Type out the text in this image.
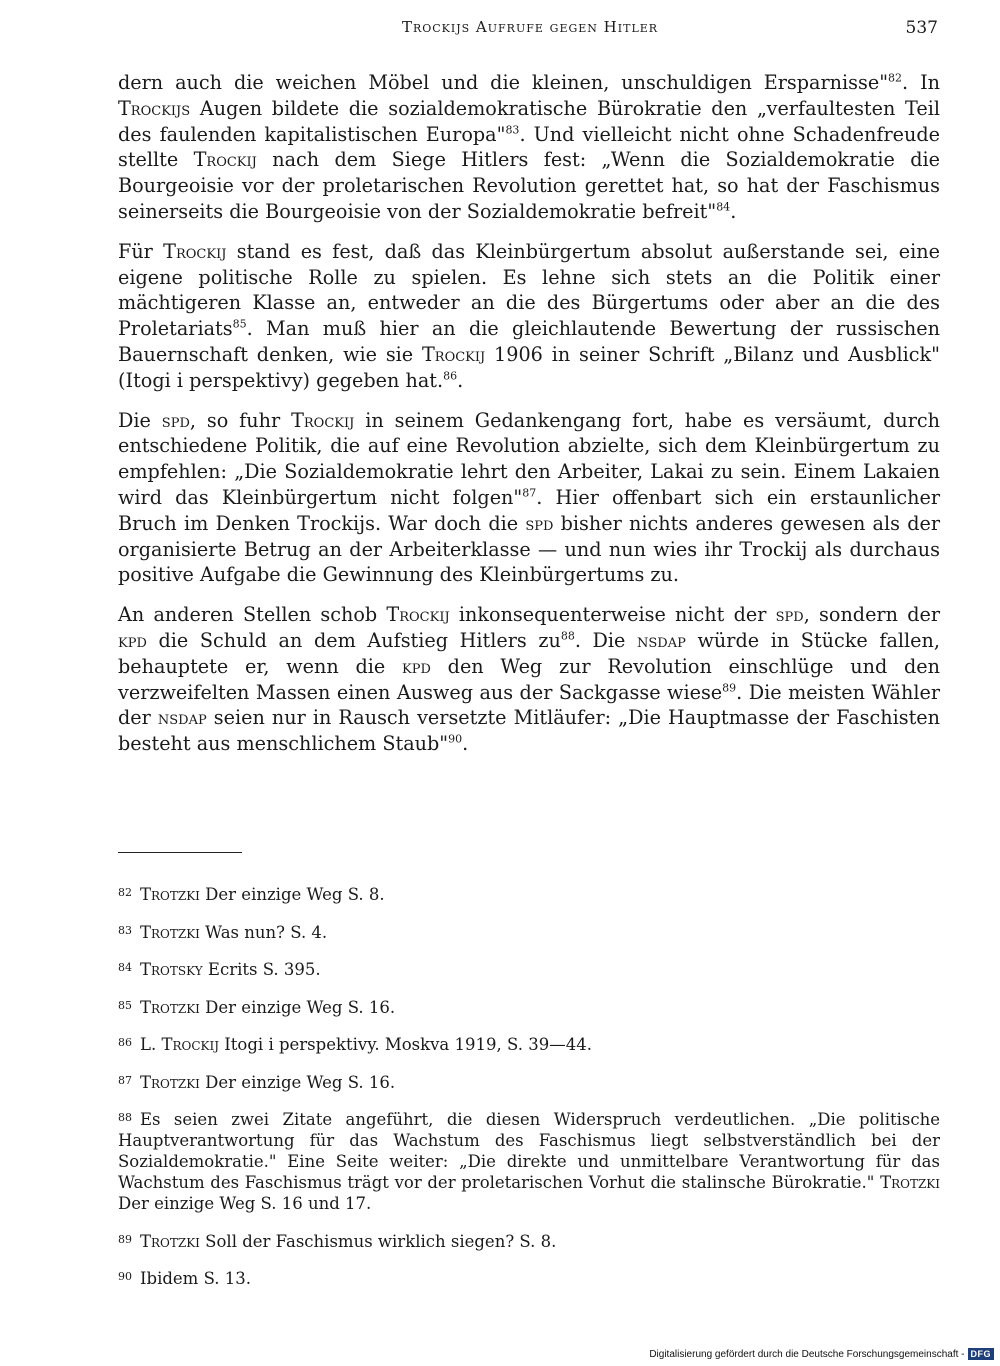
Trockijs Aufrufe gegen Hitler	537

dern auch die weichen Möbel und die kleinen, unschuldigen Ersparnisse"$^{82}$. In Trockijs Augen bildete die sozialdemokratische Bürokratie den „verfaultesten Teil des faulenden kapitalistischen Europa"$^{83}$. Und vielleicht nicht ohne Schadenfreude stellte Trockij nach dem Siege Hitlers fest: „Wenn die Sozialdemokratie die Bourgeoisie vor der proletarischen Revolution gerettet hat, so hat der Faschismus seinerseits die Bourgeoisie von der Sozialdemokratie befreit"$^{84}$.

Für Trockij stand es fest, daß das Kleinbürgertum absolut außerstande sei, eine eigene politische Rolle zu spielen. Es lehne sich stets an die Politik einer mächtigeren Klasse an, entweder an die des Bürgertums oder aber an die des Proletariats$^{85}$. Man muß hier an die gleichlautende Bewertung der russischen Bauernschaft denken, wie sie Trockij 1906 in seiner Schrift „Bilanz und Ausblick" (Itogi i perspektivy) gegeben hat.$^{86}$.

Die spd, so fuhr Trockij in seinem Gedankengang fort, habe es versäumt, durch entschiedene Politik, die auf eine Revolution abzielte, sich dem Kleinbürgertum zu empfehlen: „Die Sozialdemokratie lehrt den Arbeiter, Lakai zu sein. Einem Lakaien wird das Kleinbürgertum nicht folgen"$^{87}$. Hier offenbart sich ein erstaunlicher Bruch im Denken Trockijs. War doch die spd bisher nichts anderes gewesen als der organisierte Betrug an der Arbeiterklasse — und nun wies ihr Trockij als durchaus positive Aufgabe die Gewinnung des Kleinbürgertums zu.

An anderen Stellen schob Trockij inkonsequenterweise nicht der spd, sondern der kpd die Schuld an dem Aufstieg Hitlers $zu^{88}$. Die nsdap würde in Stücke fallen, behauptete er, wenn die kpd den Weg zur Revolution einschlüge und den verzweifelten Massen einen Ausweg aus der Sackgasse wiese$^{89}$. Die meisten Wähler der nsdap seien nur in Rausch versetzte Mitläufer: „Die Hauptmasse der Faschisten besteht aus menschlichem Staub"$^{90}$.

$^{82}$ Trotzki Der einzige Weg S. 8.
$^{83}$ Trotzki Was nun? S. 4.
$^{84}$ Trotsky Ecrits S. 395.
$^{85}$ Trotzki Der einzige Weg S. 16.
$^{86}$ L. Trockij Itogi i perspektivy. Moskva 1919, S. 39—44.
$^{87}$ Trotzki Der einzige Weg S. 16.
$^{88}$ Es seien zwei Zitate angeführt, die diesen Widerspruch verdeutlichen. „Die politische Hauptverantwortung für das Wachstum des Faschismus liegt selbstverständlich bei der Sozialdemokratie." Eine Seite weiter: „Die direkte und unmittelbare Verantwortung für das Wachstum des Faschismus trägt vor der proletarischen Vorhut die stalinsche Bürokratie." Trotzki Der einzige Weg S. 16 und 17.
$^{89}$ Trotzki Soll der Faschismus wirklich siegen? S. 8.
$^{90}$ Ibidem S. 13.
Digitalisierung gefördert durch die Deutsche Forschungsgemeinschaft - DFG
